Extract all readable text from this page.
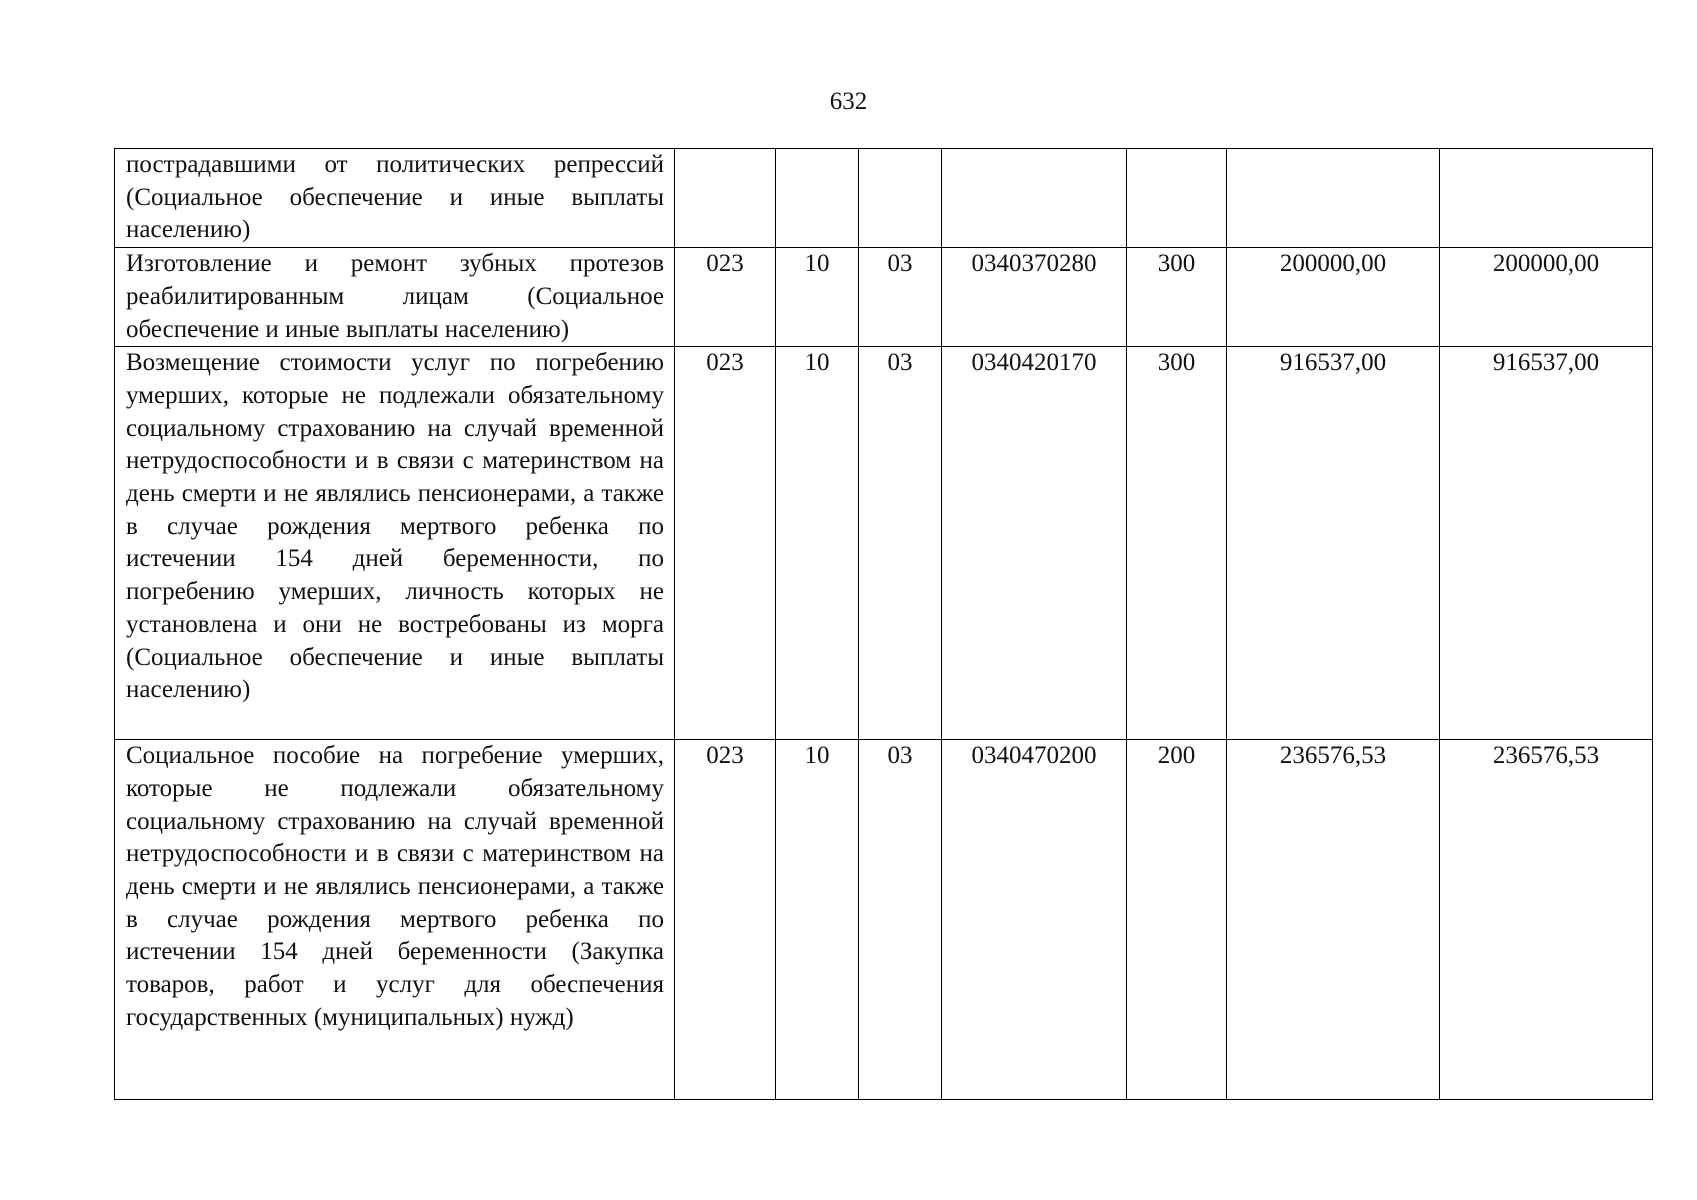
632
пострадавшими от политических репрессий (Социальное обеспечение и иные выплаты населению)							
Изготовление и ремонт зубных протезов реабилитированным лицам (Социальное обеспечение и иные выплаты населению)	023	10	03	0340370280	300	200000,00	200000,00
Возмещение стоимости услуг по погребению умерших, которые не подлежали обязательному социальному страхованию на случай временной нетрудоспособности и в связи с материнством на день смерти и не являлись пенсионерами, а также в случае рождения мертвого ребенка по истечении 154 дней беременности, по погребению умерших, личность которых не установлена и они не востребованы из морга (Социальное обеспечение и иные выплаты населению)	023	10	03	0340420170	300	916537,00	916537,00
Социальное пособие на погребение умерших, которые не подлежали обязательному социальному страхованию на случай временной нетрудоспособности и в связи с материнством на день смерти и не являлись пенсионерами, а также в случае рождения мертвого ребенка по истечении 154 дней беременности (Закупка товаров, работ и услуг для обеспечения государственных (муниципальных) нужд)	023	10	03	0340470200	200	236576,53	236576,53
